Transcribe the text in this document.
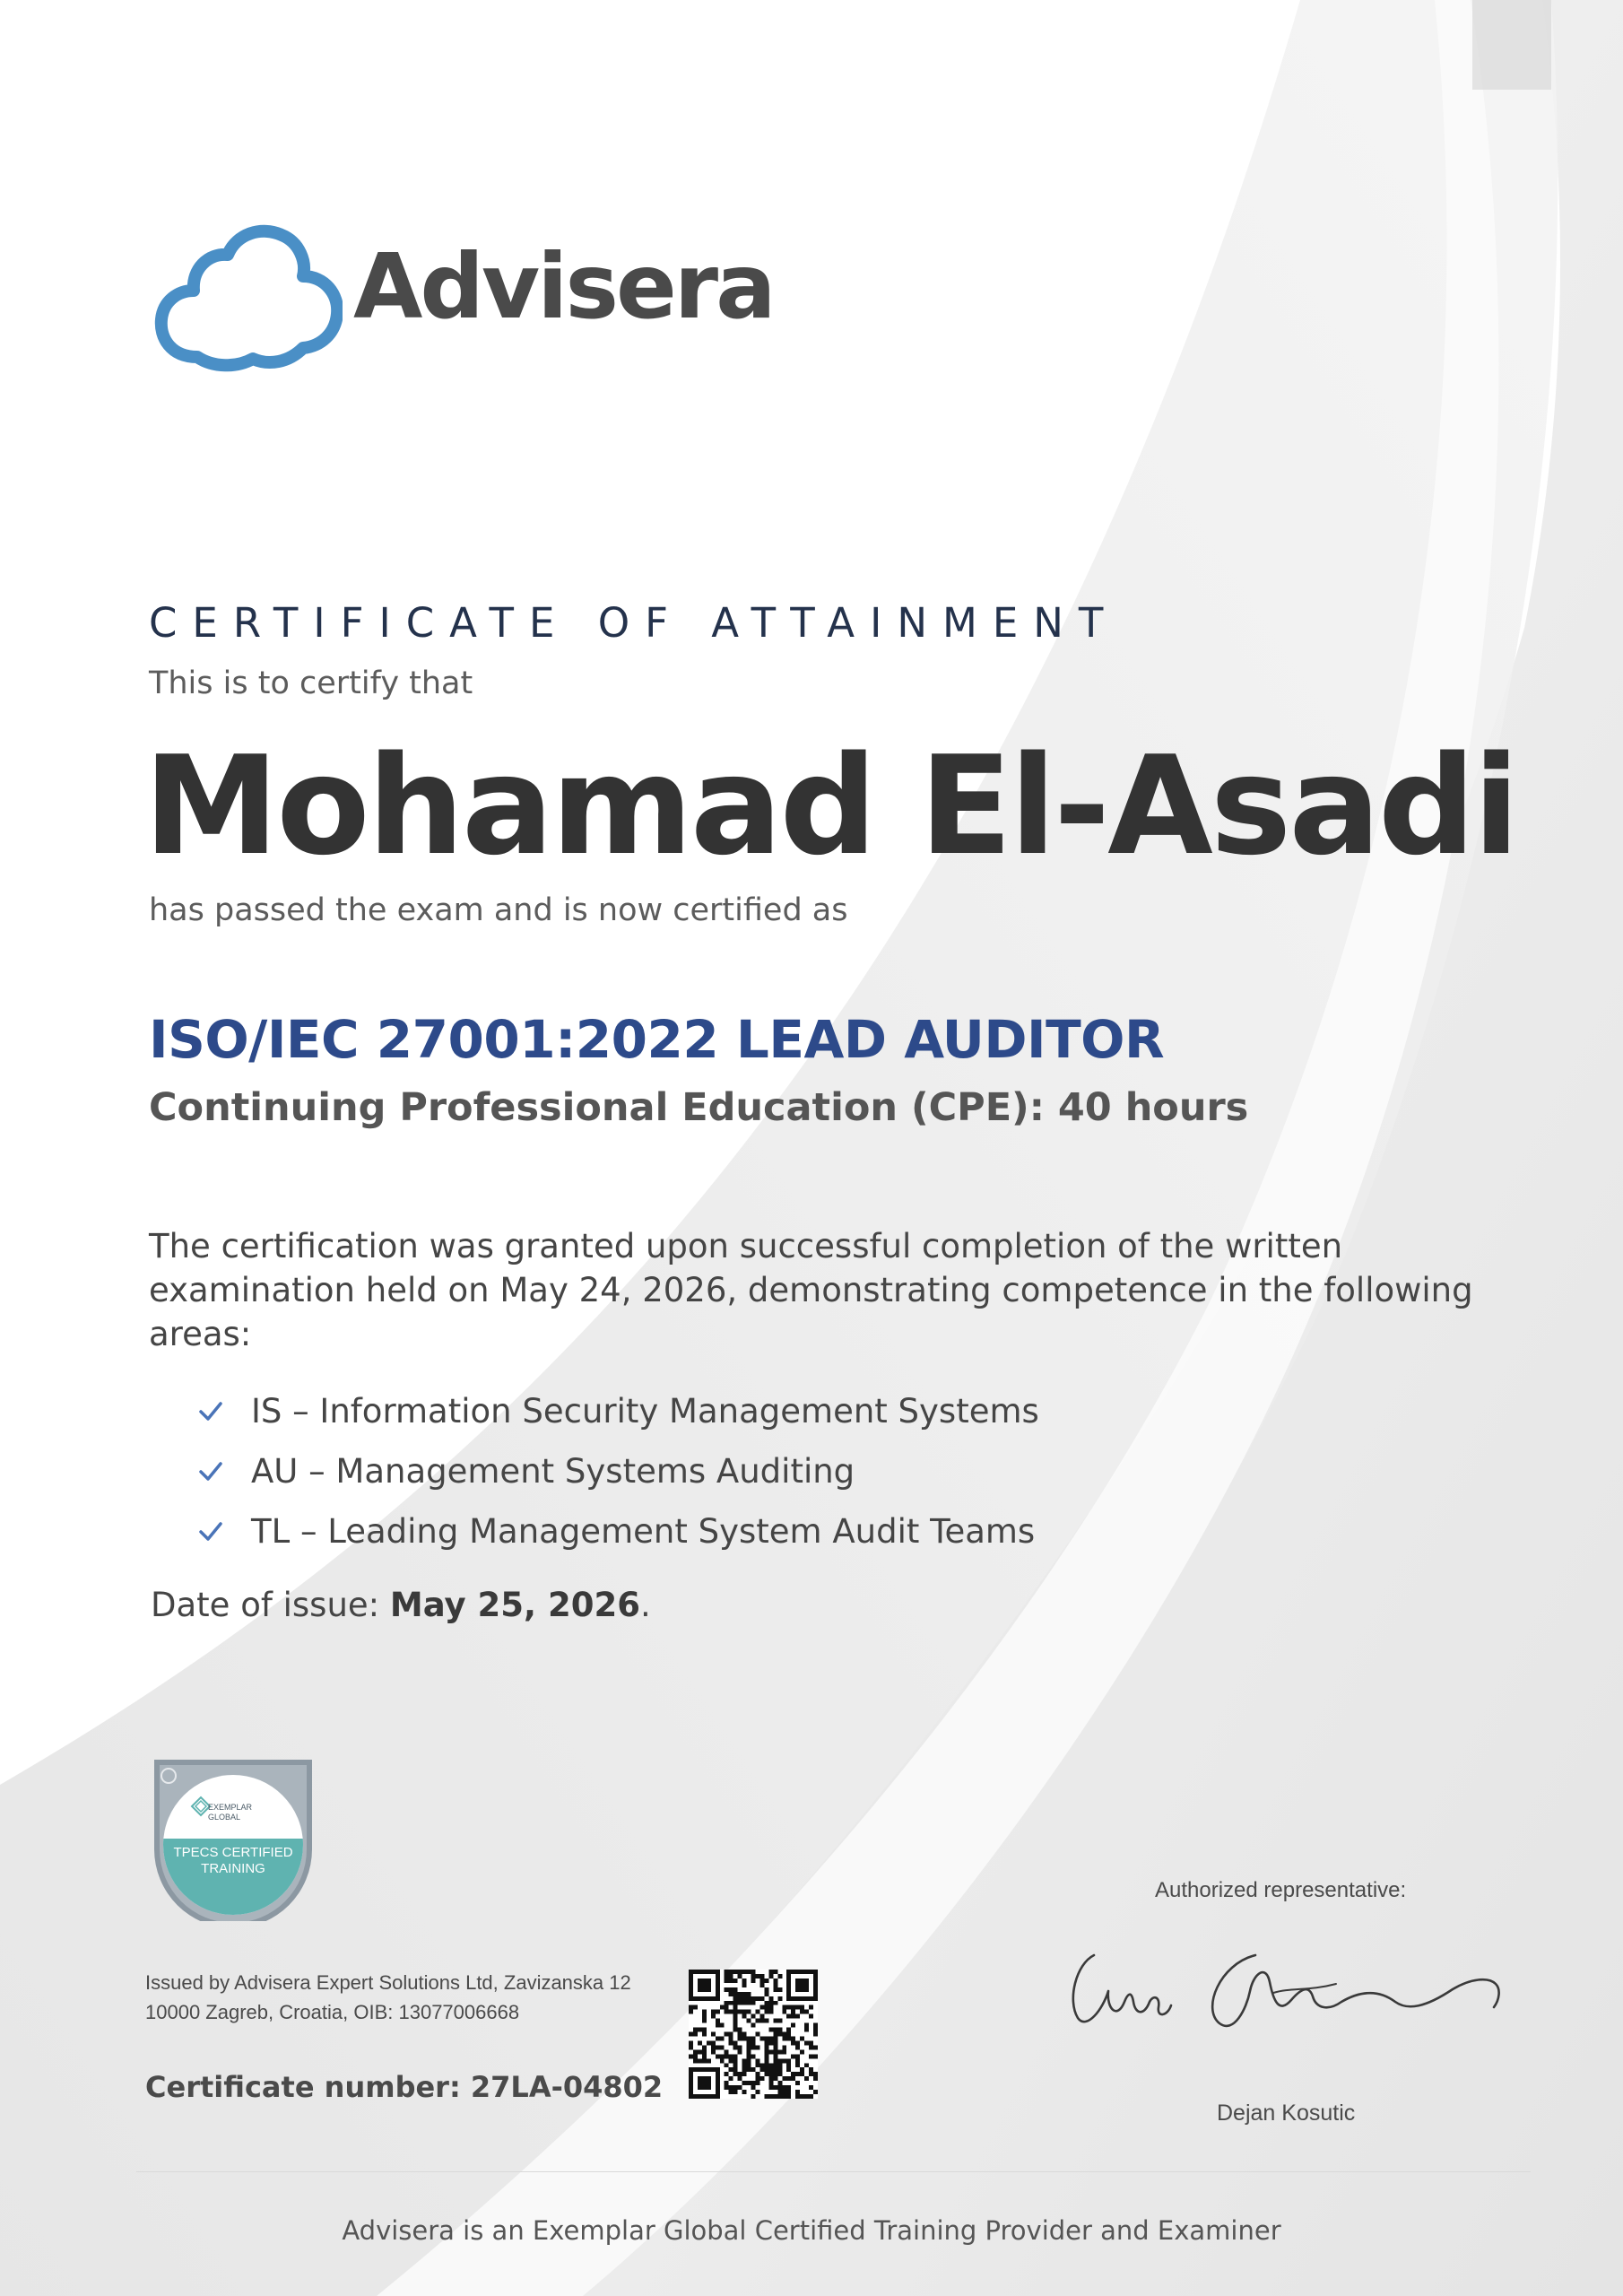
Advisera
CERTIFICATE OF ATTAINMENT
This is to certify that
Mohamad El-Asadi
has passed the exam and is now certified as
ISO/IEC 27001:2022 LEAD AUDITOR
Continuing Professional Education (CPE): 40 hours
The certification was granted upon successful completion of the written examination held on May 24, 2026, demonstrating competence in the following areas:
IS – Information Security Management Systems
AU – Management Systems Auditing
TL – Leading Management System Audit Teams
Date of issue: May 25, 2026.
EXEMPLAR
GLOBAL
TPECS CERTIFIED
TRAINING
Issued by Advisera Expert Solutions Ltd, Zavizanska 12
10000 Zagreb, Croatia, OIB: 13077006668
Certificate number: 27LA-04802
Authorized representative:
Dejan Kosutic
Advisera is an Exemplar Global Certified Training Provider and Examiner
